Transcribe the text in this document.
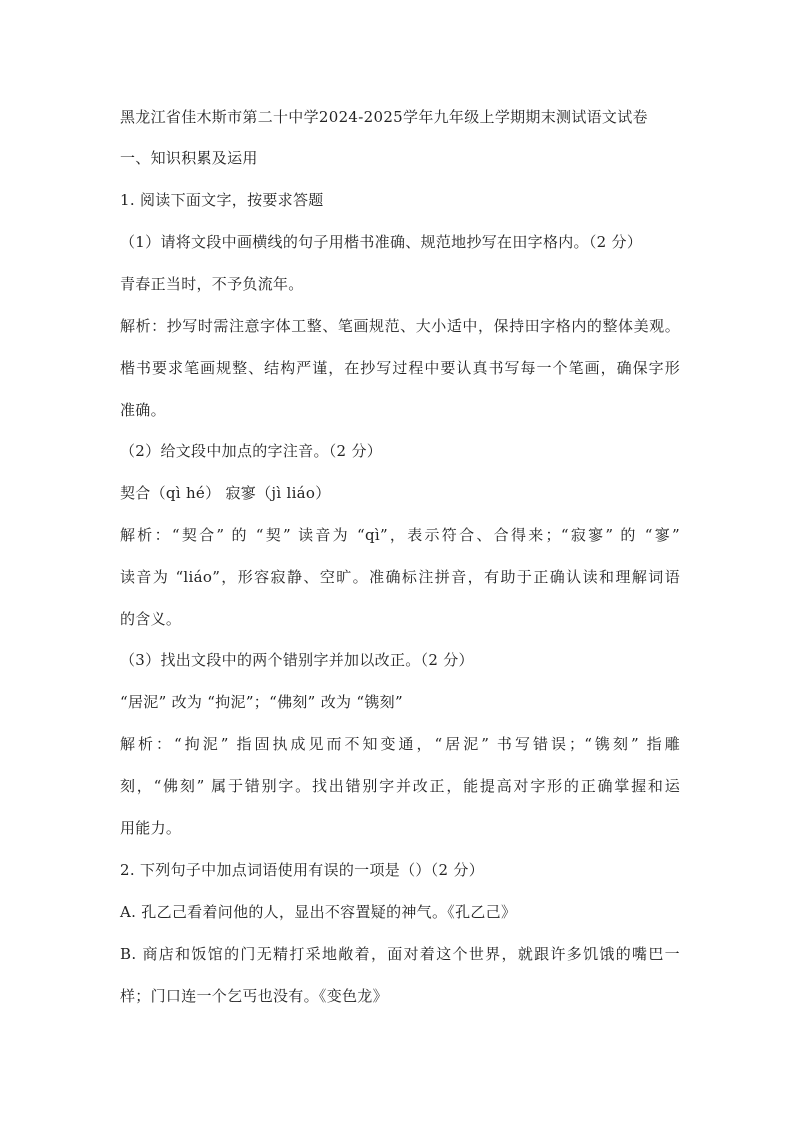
黑龙江省佳木斯市第二十中学2024-2025学年九年级上学期期末测试语文试卷
一、知识积累及运用
1. 阅读下面文字，按要求答题
（1）请将文段中画横线的句子用楷书准确、规范地抄写在田字格内。（2 分）
青春正当时，不予负流年。
解析：抄写时需注意字体工整、笔画规范、大小适中，保持田字格内的整体美观。
楷书要求笔画规整、结构严谨，在抄写过程中要认真书写每一个笔画，确保字形
准确。
（2）给文段中加点的字注音。（2 分）
契合（qì hé） 寂寥（jì liáo）
解析：“契合” 的 “契” 读音为 “qì”，表示符合、合得来；“寂寥” 的 “寥”
读音为 “liáo”，形容寂静、空旷。准确标注拼音，有助于正确认读和理解词语
的含义。
（3）找出文段中的两个错别字并加以改正。（2 分）
“居泥” 改为 “拘泥”；“佛刻” 改为 “镌刻”
解析：“拘泥” 指固执成见而不知变通，“居泥” 书写错误；“镌刻” 指雕
刻，“佛刻” 属于错别字。找出错别字并改正，能提高对字形的正确掌握和运
用能力。
2. 下列句子中加点词语使用有误的一项是（）（2 分）
A. 孔乙己看着问他的人，显出不容置疑的神气。《孔乙己》
B. 商店和饭馆的门无精打采地敞着，面对着这个世界，就跟许多饥饿的嘴巴一
样；门口连一个乞丐也没有。《变色龙》
